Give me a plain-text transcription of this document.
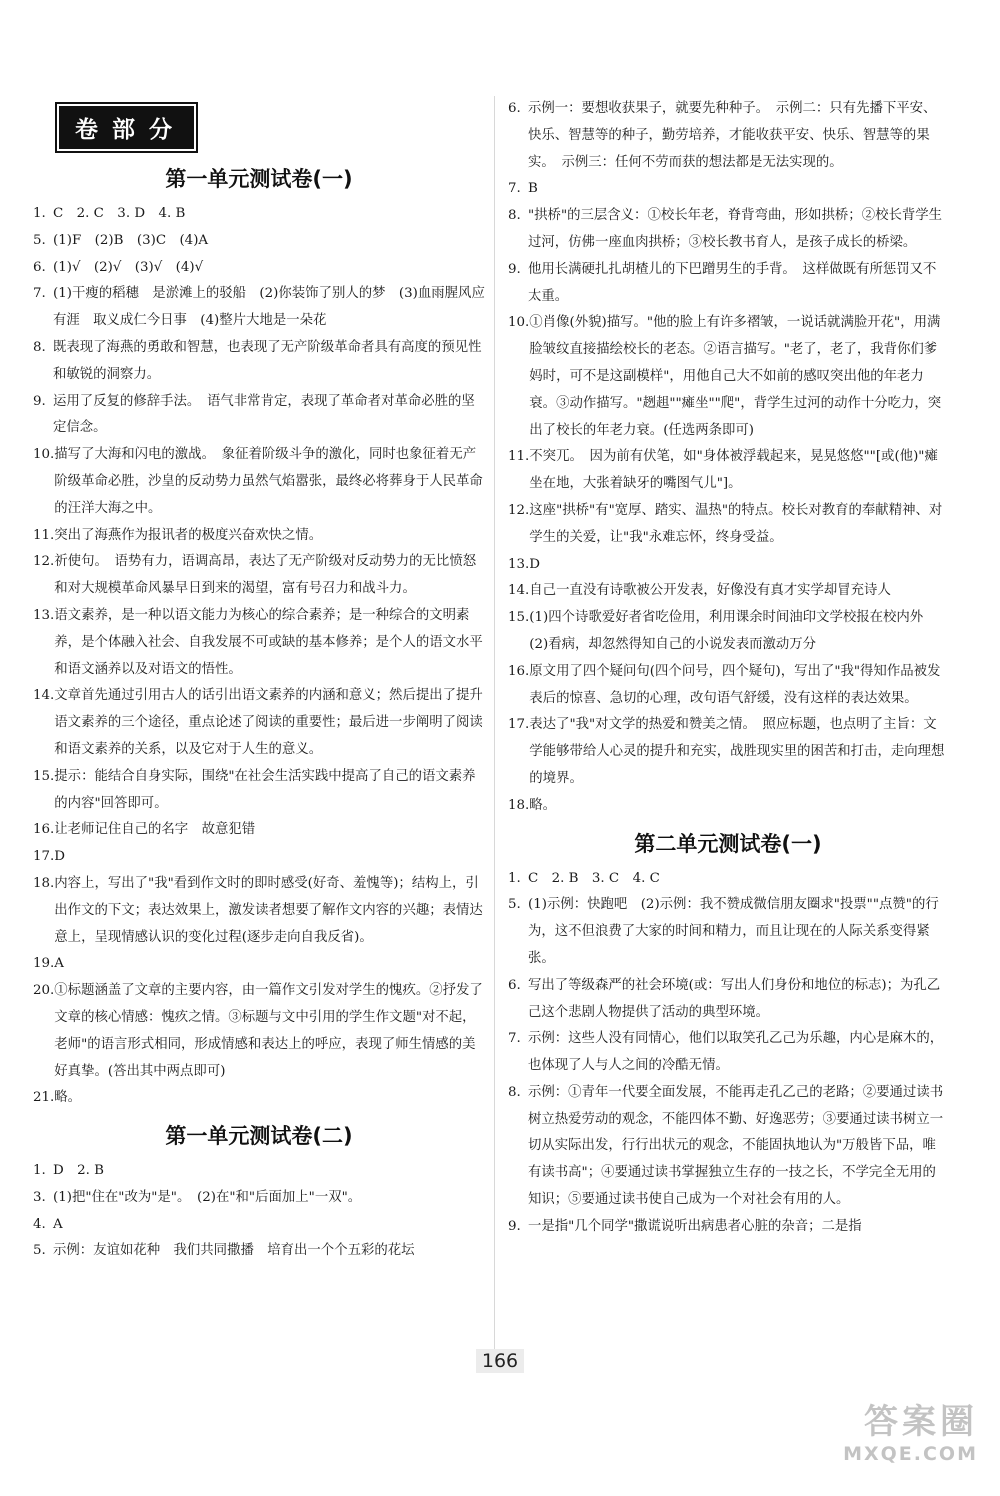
卷部分
第一单元测试卷(一)
1. C　2. C　3. D　4. B
5. (1)F　(2)B　(3)C　(4)A
6. (1)√　(2)√　(3)√　(4)√
7. (1)干瘦的稻穗　是淤滩上的驳船　(2)你装饰了别人的梦　(3)血雨腥风应有涯　取义成仁今日事　(4)整片大地是一朵花
8. 既表现了海燕的勇敢和智慧，也表现了无产阶级革命者具有高度的预见性和敏锐的洞察力。
9. 运用了反复的修辞手法。　语气非常肯定，表现了革命者对革命必胜的坚定信念。
10. 描写了大海和闪电的激战。　象征着阶级斗争的激化，同时也象征着无产阶级革命必胜，沙皇的反动势力虽然气焰嚣张，最终必将葬身于人民革命的汪洋大海之中。
11. 突出了海燕作为报讯者的极度兴奋欢快之情。
12. 祈使句。　语势有力，语调高昂，表达了无产阶级对反动势力的无比愤怒和对大规模革命风暴早日到来的渴望，富有号召力和战斗力。
13. 语文素养，是一种以语文能力为核心的综合素养；是一种综合的文明素养，是个体融入社会、自我发展不可或缺的基本修养；是个人的语文水平和语文涵养以及对语文的悟性。
14. 文章首先通过引用古人的话引出语文素养的内涵和意义；然后提出了提升语文素养的三个途径，重点论述了阅读的重要性；最后进一步阐明了阅读和语文素养的关系，以及它对于人生的意义。
15. 提示：能结合自身实际，围绕"在社会生活实践中提高了自己的语文素养的内容"回答即可。
16. 让老师记住自己的名字　故意犯错
17. D
18. 内容上，写出了"我"看到作文时的即时感受(好奇、羞愧等)；结构上，引出作文的下文；表达效果上，激发读者想要了解作文内容的兴趣；表情达意上，呈现情感认识的变化过程(逐步走向自我反省)。
19. A
20. ①标题涵盖了文章的主要内容，由一篇作文引发对学生的愧疚。②抒发了文章的核心情感：愧疚之情。③标题与文中引用的学生作文题"对不起，老师"的语言形式相同，形成情感和表达上的呼应，表现了师生情感的美好真挚。(答出其中两点即可)
21. 略。
第一单元测试卷(二)
1. D　2. B
3. (1)把"住在"改为"是"。　(2)在"和"后面加上"一双"。
4. A
5. 示例：友谊如花种　我们共同撒播　培育出一个个五彩的花坛
6. 示例一：要想收获果子，就要先种种子。　示例二：只有先播下平安、快乐、智慧等的种子，勤劳培养，才能收获平安、快乐、智慧等的果实。　示例三：任何不劳而获的想法都是无法实现的。
7. B
8. "拱桥"的三层含义：①校长年老，脊背弯曲，形如拱桥；②校长背学生过河，仿佛一座血肉拱桥；③校长教书育人，是孩子成长的桥梁。
9. 他用长满硬扎扎胡楂儿的下巴蹭男生的手背。　这样做既有所惩罚又不太重。
10. ①肖像(外貌)描写。"他的脸上有许多褶皱，一说话就满脸开花"，用满脸皱纹直接描绘校长的老态。②语言描写。"老了，老了，我背你们爹妈时，可不是这副模样"，用他自己大不如前的感叹突出他的年老力衰。③动作描写。"趔趄""瘫坐""爬"，背学生过河的动作十分吃力，突出了校长的年老力衰。(任选两条即可)
11. 不突兀。　因为前有伏笔，如"身体被浮载起来，晃晃悠悠""[或(他)"瘫坐在地，大张着缺牙的嘴图气儿"]。
12. 这座"拱桥"有"宽厚、踏实、温热"的特点。校长对教育的奉献精神、对学生的关爱，让"我"永难忘怀，终身受益。
13. D
14. 自己一直没有诗歌被公开发表，好像没有真才实学却冒充诗人
15. (1)四个诗歌爱好者省吃俭用，利用课余时间油印文学校报在校内外　(2)看病，却忽然得知自己的小说发表而激动万分
16. 原文用了四个疑问句(四个问号，四个疑句)，写出了"我"得知作品被发表后的惊喜、急切的心理，改句语气舒缓，没有这样的表达效果。
17. 表达了"我"对文学的热爱和赞美之情。　照应标题，也点明了主旨：文学能够带给人心灵的提升和充实，战胜现实里的困苦和打击，走向理想的境界。
18. 略。
第二单元测试卷(一)
1. C　2. B　3. C　4. C
5. (1)示例：快跑吧　(2)示例：我不赞成微信朋友圈求"投票""点赞"的行为，这不但浪费了大家的时间和精力，而且让现在的人际关系变得紧张。
6. 写出了等级森严的社会环境(或：写出人们身份和地位的标志)；为孔乙己这个悲剧人物提供了活动的典型环境。
7. 示例：这些人没有同情心，他们以取笑孔乙己为乐趣，内心是麻木的，也体现了人与人之间的冷酷无情。
8. 示例：①青年一代要全面发展，不能再走孔乙己的老路；②要通过读书树立热爱劳动的观念，不能四体不勤、好逸恶劳；③要通过读书树立一切从实际出发，行行出状元的观念，不能固执地认为"万般皆下品，唯有读书高"；④要通过读书掌握独立生存的一技之长，不学完全无用的知识；⑤要通过读书使自己成为一个对社会有用的人。
9. 一是指"几个同学"撒谎说听出病患者心脏的杂音；二是指
166
答案圈
MXQE.COM
